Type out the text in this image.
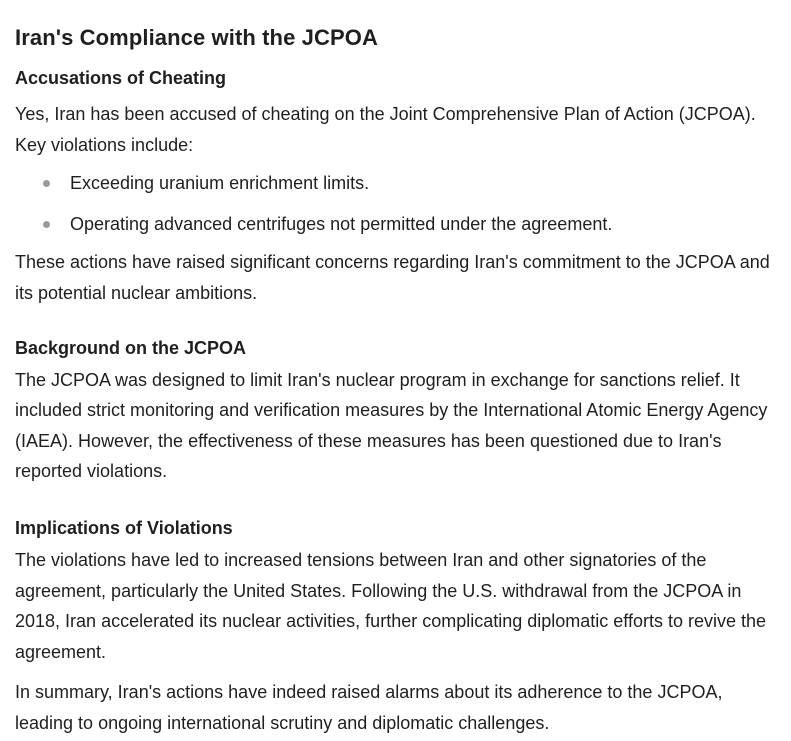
Iran's Compliance with the JCPOA
Accusations of Cheating

Yes, Iran has been accused of cheating on the Joint Comprehensive Plan of Action (JCPOA). Key violations include:

Exceeding uranium enrichment limits.
Operating advanced centrifuges not permitted under the agreement.

These actions have raised significant concerns regarding Iran's commitment to the JCPOA and its potential nuclear ambitions.

Background on the JCPOA

The JCPOA was designed to limit Iran's nuclear program in exchange for sanctions relief. It included strict monitoring and verification measures by the International Atomic Energy Agency (IAEA). However, the effectiveness of these measures has been questioned due to Iran's reported violations.

Implications of Violations

The violations have led to increased tensions between Iran and other signatories of the agreement, particularly the United States. Following the U.S. withdrawal from the JCPOA in 2018, Iran accelerated its nuclear activities, further complicating diplomatic efforts to revive the agreement.

In summary, Iran's actions have indeed raised alarms about its adherence to the JCPOA, leading to ongoing international scrutiny and diplomatic challenges.
